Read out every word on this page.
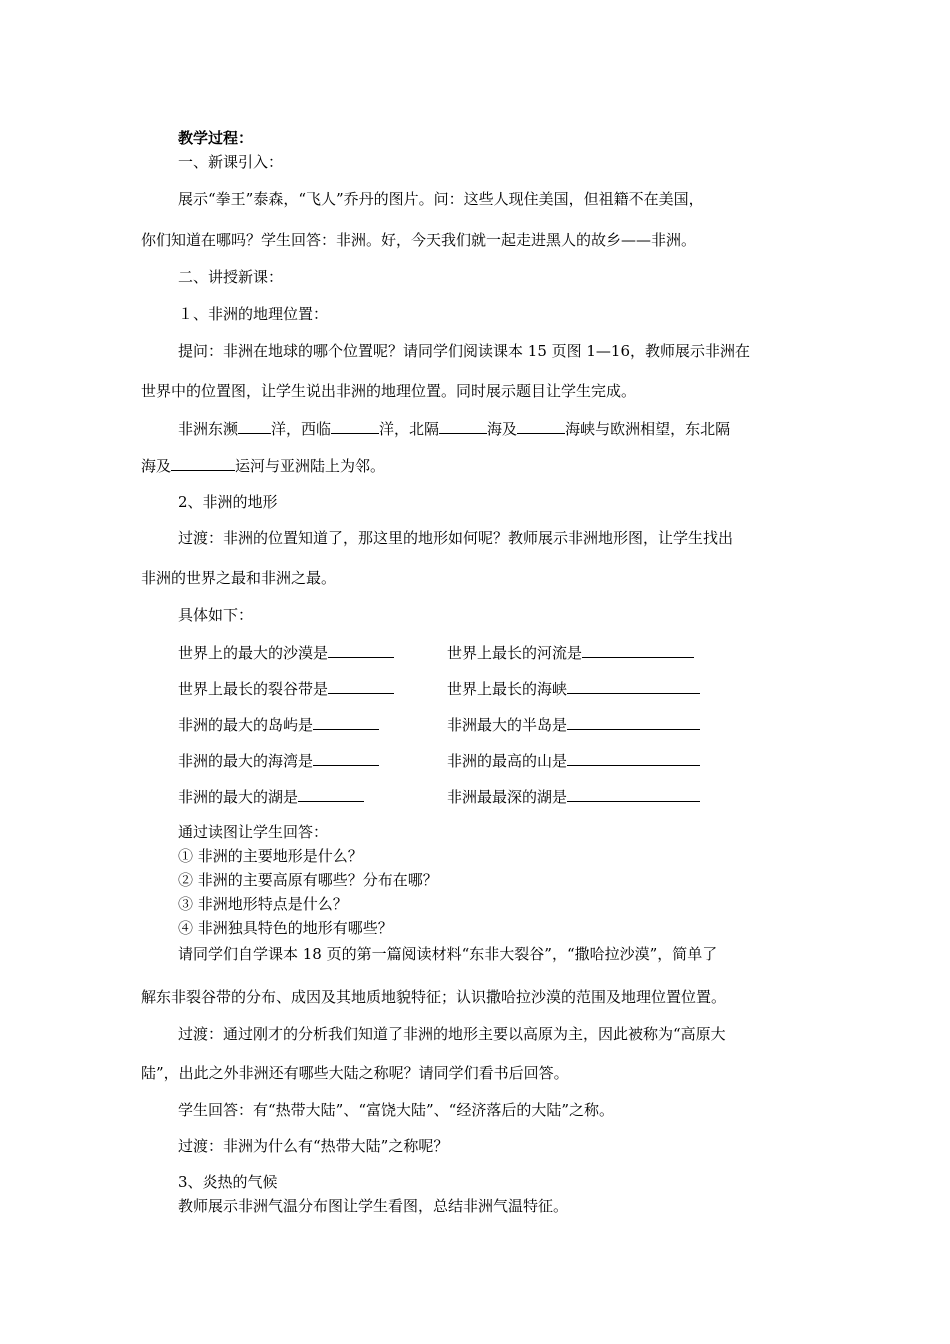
教学过程：
一、新课引入：
展示“拳王”泰森，“飞人”乔丹的图片。问：这些人现住美国，但祖籍不在美国，
你们知道在哪吗？学生回答：非洲。好，今天我们就一起走进黑人的故乡——非洲。
二、讲授新课：
１、非洲的地理位置：
提问：非洲在地球的哪个位置呢？请同学们阅读课本 15 页图 1—16，教师展示非洲在
世界中的位置图，让学生说出非洲的地理位置。同时展示题目让学生完成。
非洲东濒 洋，西临	洋，北隔	海及	海峡与欧洲相望，东北隔
海及	运河与亚洲陆上为邻。
2、非洲的地形
过渡：非洲的位置知道了，那这里的地形如何呢？教师展示非洲地形图，让学生找出
非洲的世界之最和非洲之最。
具体如下：
世界上的最大的沙漠是	世界上最长的河流是
世界上最长的裂谷带是	世界上最长的海峡
非洲的最大的岛屿是	非洲最大的半岛是
非洲的最大的海湾是	非洲的最高的山是
非洲的最大的湖是	非洲最最深的湖是
通过读图让学生回答：
① 非洲的主要地形是什么？
② 非洲的主要高原有哪些？分布在哪？
③ 非洲地形特点是什么？
④ 非洲独具特色的地形有哪些？
请同学们自学课本 18 页的第一篇阅读材料“东非大裂谷”，“撒哈拉沙漠”，简单了
解东非裂谷带的分布、成因及其地质地貌特征；认识撒哈拉沙漠的范围及地理位置位置。
过渡：通过刚才的分析我们知道了非洲的地形主要以高原为主，因此被称为“高原大
陆”，出此之外非洲还有哪些大陆之称呢？请同学们看书后回答。
学生回答：有“热带大陆”、“富饶大陆”、“经济落后的大陆”之称。
过渡：非洲为什么有“热带大陆”之称呢？
3、炎热的气候
教师展示非洲气温分布图让学生看图，总结非洲气温特征。
